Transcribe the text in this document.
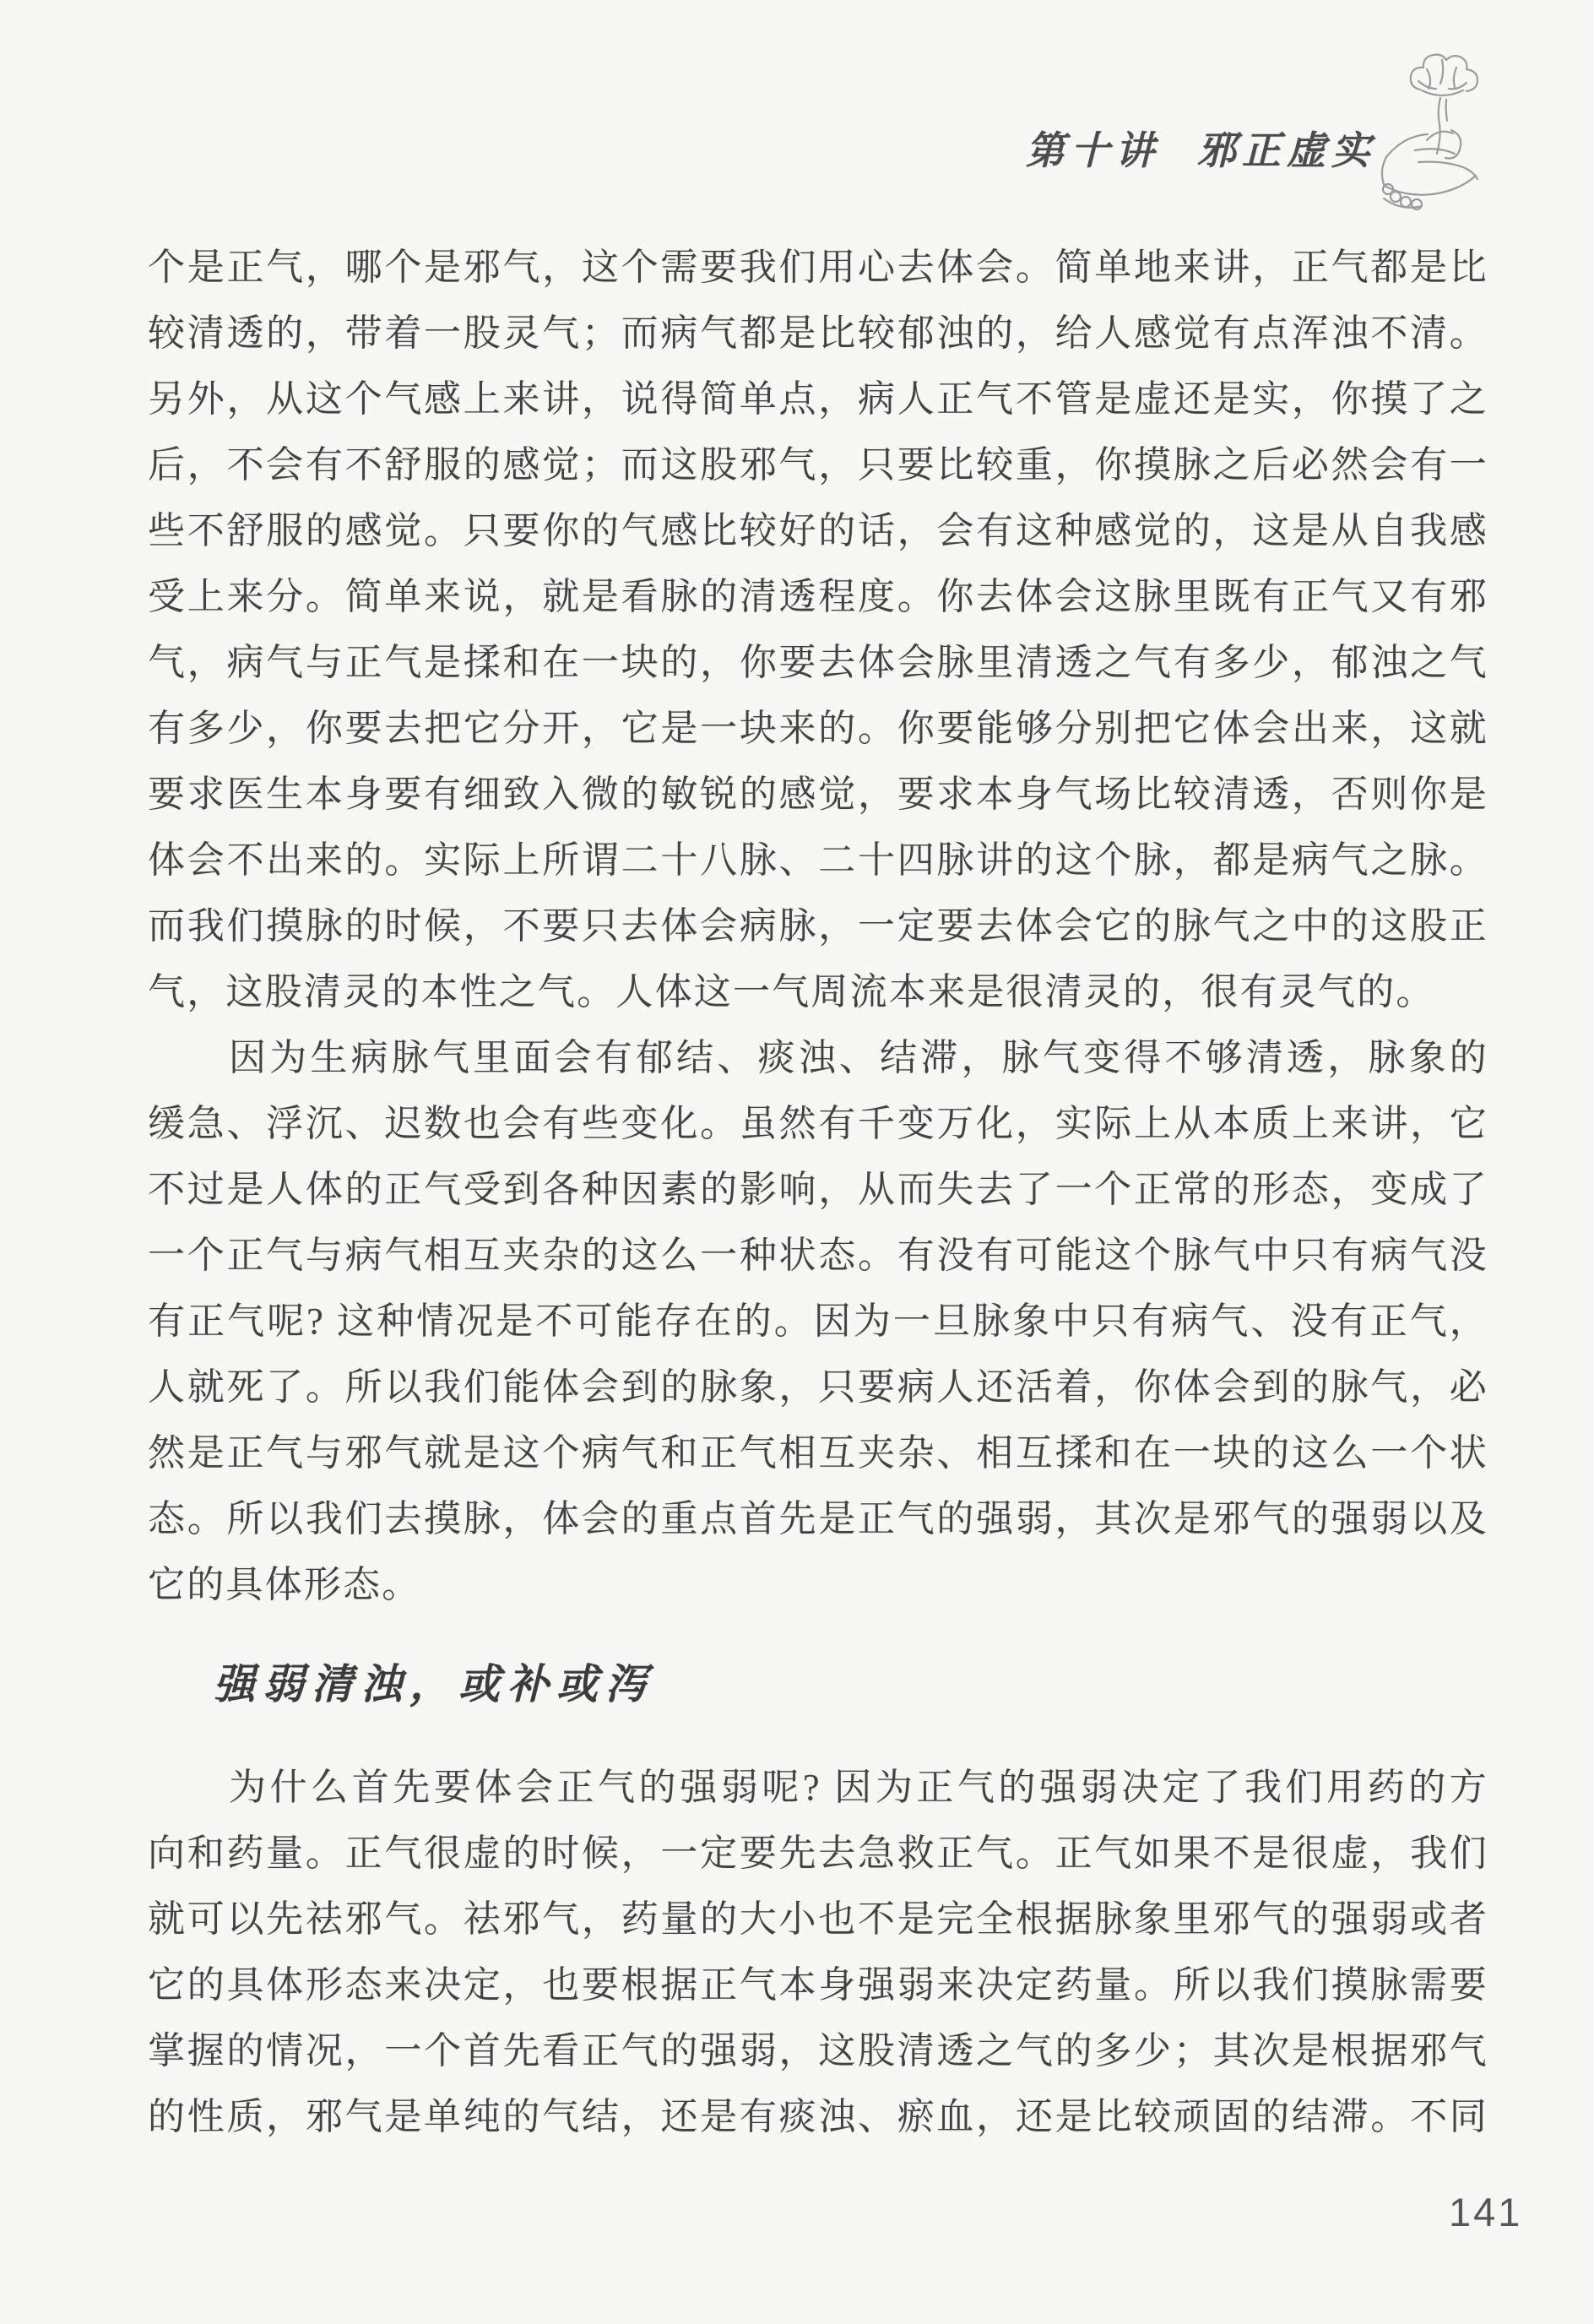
第十讲 邪正虚实
个是正气，哪个是邪气，这个需要我们用心去体会。简单地来讲，正气都是比
较清透的，带着一股灵气；而病气都是比较郁浊的，给人感觉有点浑浊不清。
另外，从这个气感上来讲，说得简单点，病人正气不管是虚还是实，你摸了之
后，不会有不舒服的感觉；而这股邪气，只要比较重，你摸脉之后必然会有一
些不舒服的感觉。只要你的气感比较好的话，会有这种感觉的，这是从自我感
受上来分。简单来说，就是看脉的清透程度。你去体会这脉里既有正气又有邪
气，病气与正气是揉和在一块的，你要去体会脉里清透之气有多少，郁浊之气
有多少，你要去把它分开，它是一块来的。你要能够分别把它体会出来，这就
要求医生本身要有细致入微的敏锐的感觉，要求本身气场比较清透，否则你是
体会不出来的。实际上所谓二十八脉、二十四脉讲的这个脉，都是病气之脉。
而我们摸脉的时候，不要只去体会病脉，一定要去体会它的脉气之中的这股正
气，这股清灵的本性之气。人体这一气周流本来是很清灵的，很有灵气的。
因为生病脉气里面会有郁结、痰浊、结滞，脉气变得不够清透，脉象的
缓急、浮沉、迟数也会有些变化。虽然有千变万化，实际上从本质上来讲，它
不过是人体的正气受到各种因素的影响，从而失去了一个正常的形态，变成了
一个正气与病气相互夹杂的这么一种状态。有没有可能这个脉气中只有病气没
有正气呢? 这种情况是不可能存在的。因为一旦脉象中只有病气、没有正气，
人就死了。所以我们能体会到的脉象，只要病人还活着，你体会到的脉气，必
然是正气与邪气就是这个病气和正气相互夹杂、相互揉和在一块的这么一个状
态。所以我们去摸脉，体会的重点首先是正气的强弱，其次是邪气的强弱以及
它的具体形态。
强弱清浊，或补或泻
为什么首先要体会正气的强弱呢? 因为正气的强弱决定了我们用药的方
向和药量。正气很虚的时候，一定要先去急救正气。正气如果不是很虚，我们
就可以先祛邪气。祛邪气，药量的大小也不是完全根据脉象里邪气的强弱或者
它的具体形态来决定，也要根据正气本身强弱来决定药量。所以我们摸脉需要
掌握的情况，一个首先看正气的强弱，这股清透之气的多少；其次是根据邪气
的性质，邪气是单纯的气结，还是有痰浊、瘀血，还是比较顽固的结滞。不同
141
